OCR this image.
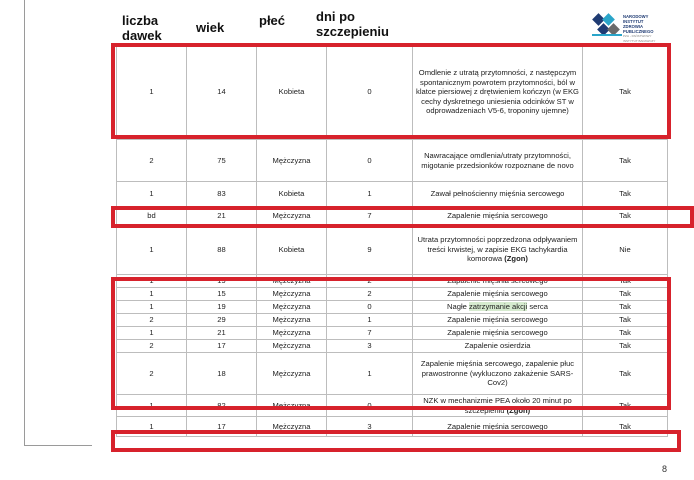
liczba
dawek
wiek	płeć dni po
szczepieniu
NARODOWY
INSTYTUT
ZDROWIA
PUBLICZNEGO
PZH - PAŃSTWOWY INSTYTUT BADAWCZY
1	14	Kobieta	0	Omdlenie z utratą przytomności, z następczym spontanicznym powrotem przytomności, ból w klatce piersiowej z drętwieniem kończyn (w EKG cechy dyskretnego uniesienia odcinków ST w odprowadzeniach V5-6, troponiny ujemne)	Tak
2	75	Mężczyzna	0	Nawracające omdlenia/utraty przytomności, migotanie przedsionków rozpoznane de novo	Tak
1	83	Kobieta	1	Zawał pełnościenny mięśnia sercowego	Tak
bd	21	Mężczyzna	7	Zapalenie mięśnia sercowego	Tak
1	88	Kobieta	9	Utrata przytomności poprzedzona odpływaniem treści krwistej, w zapisie EKG tachykardia komorowa (Zgon)	Nie
1	19	Mężczyzna	2	Zapalenie mięśnia sercowego	Tak
1	15	Mężczyzna	2	Zapalenie mięśnia sercowego	Tak
1	19	Mężczyzna	0	Nagłe zatrzymanie akcji serca	Tak
2	29	Mężczyzna	1	Zapalenie mięśnia sercowego	Tak
1	21	Mężczyzna	7	Zapalenie mięśnia sercowego	Tak
2	17	Mężczyzna	3	Zapalenie osierdzia	Tak
2	18	Mężczyzna	1	Zapalenie mięśnia sercowego, zapalenie płuc prawostronne (wykluczono zakażenie SARS-Cov2)	Tak
1	82	Mężczyzna	0	NZK w mechanizmie PEA około 20 minut po szczepieniu (Zgon)	Tak
1	17	Mężczyzna	3	Zapalenie mięśnia sercowego	Tak
8
